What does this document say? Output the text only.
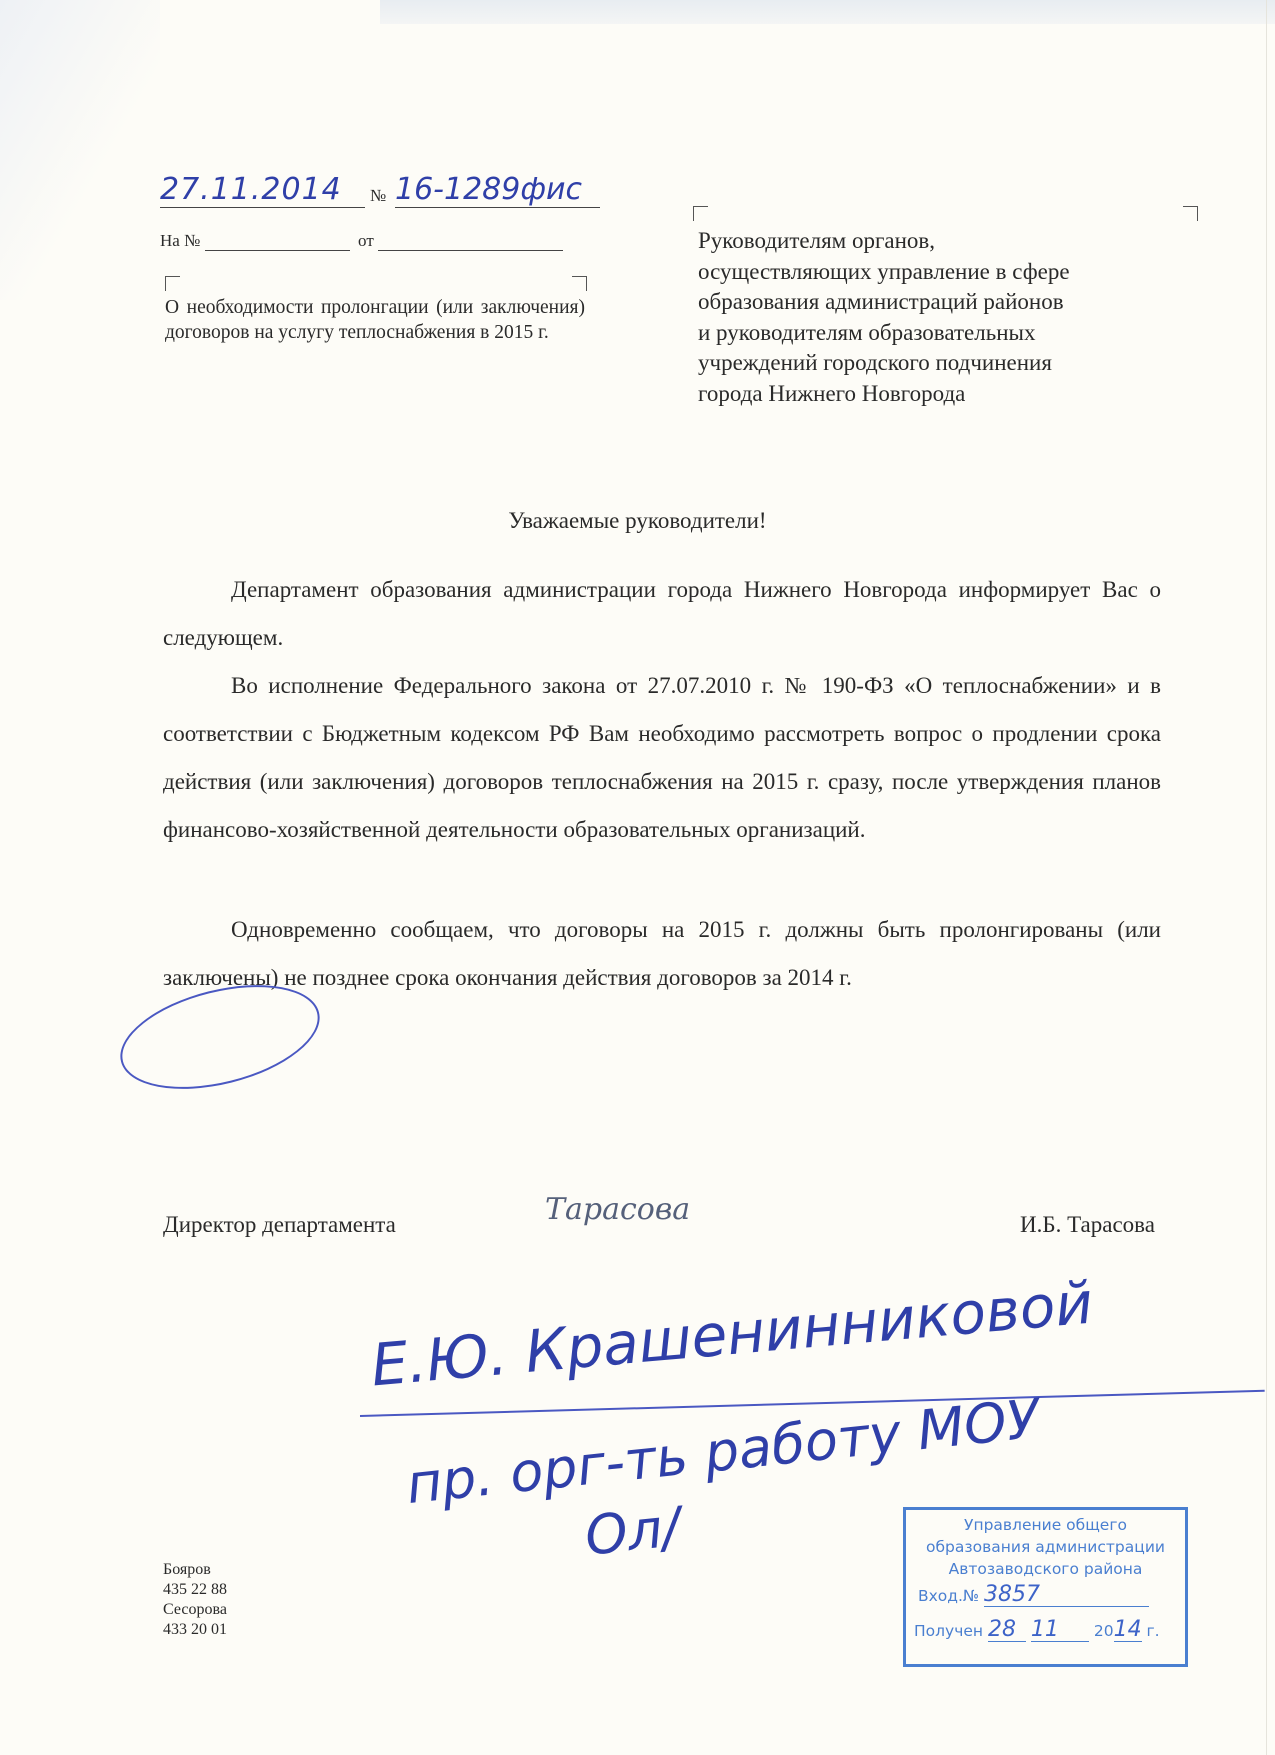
27.11.2014	№ 16-1289фис
На №	от
О необходимости пролонгации (или заключения) договоров на услугу теплоснабжения в 2015 г.
Руководителям органов,
осуществляющих управление в сфере
образования администраций районов
и руководителям образовательных
учреждений городского подчинения
города Нижнего Новгорода
Уважаемые руководители!
Департамент образования администрации города Нижнего Новгорода информирует Вас о следующем.
Во исполнение Федерального закона от 27.07.2010 г. № 190-ФЗ «О теплоснабжении» и в соответствии с Бюджетным кодексом РФ Вам необходимо рассмотреть вопрос о продлении срока действия (или заключения) договоров теплоснабжения на 2015 г. сразу, после утверждения планов финансово-хозяйственной деятельности образовательных организаций.
Одновременно сообщаем, что договоры на 2015 г. должны быть пролонгированы (или заключены) не позднее срока окончания действия договоров за 2014 г.
Директор департамента	Тарасова	И.Б. Тарасова
Е.Ю. Крашенинниковой
пр. орг-ть работу МОУ
Ол/
Бояров
435 22 88
Сесорова
433 20 01
Управление общего
образования администрации
Автозаводского района
Вход.№ 3857
Получен 28 11 2014 г.
